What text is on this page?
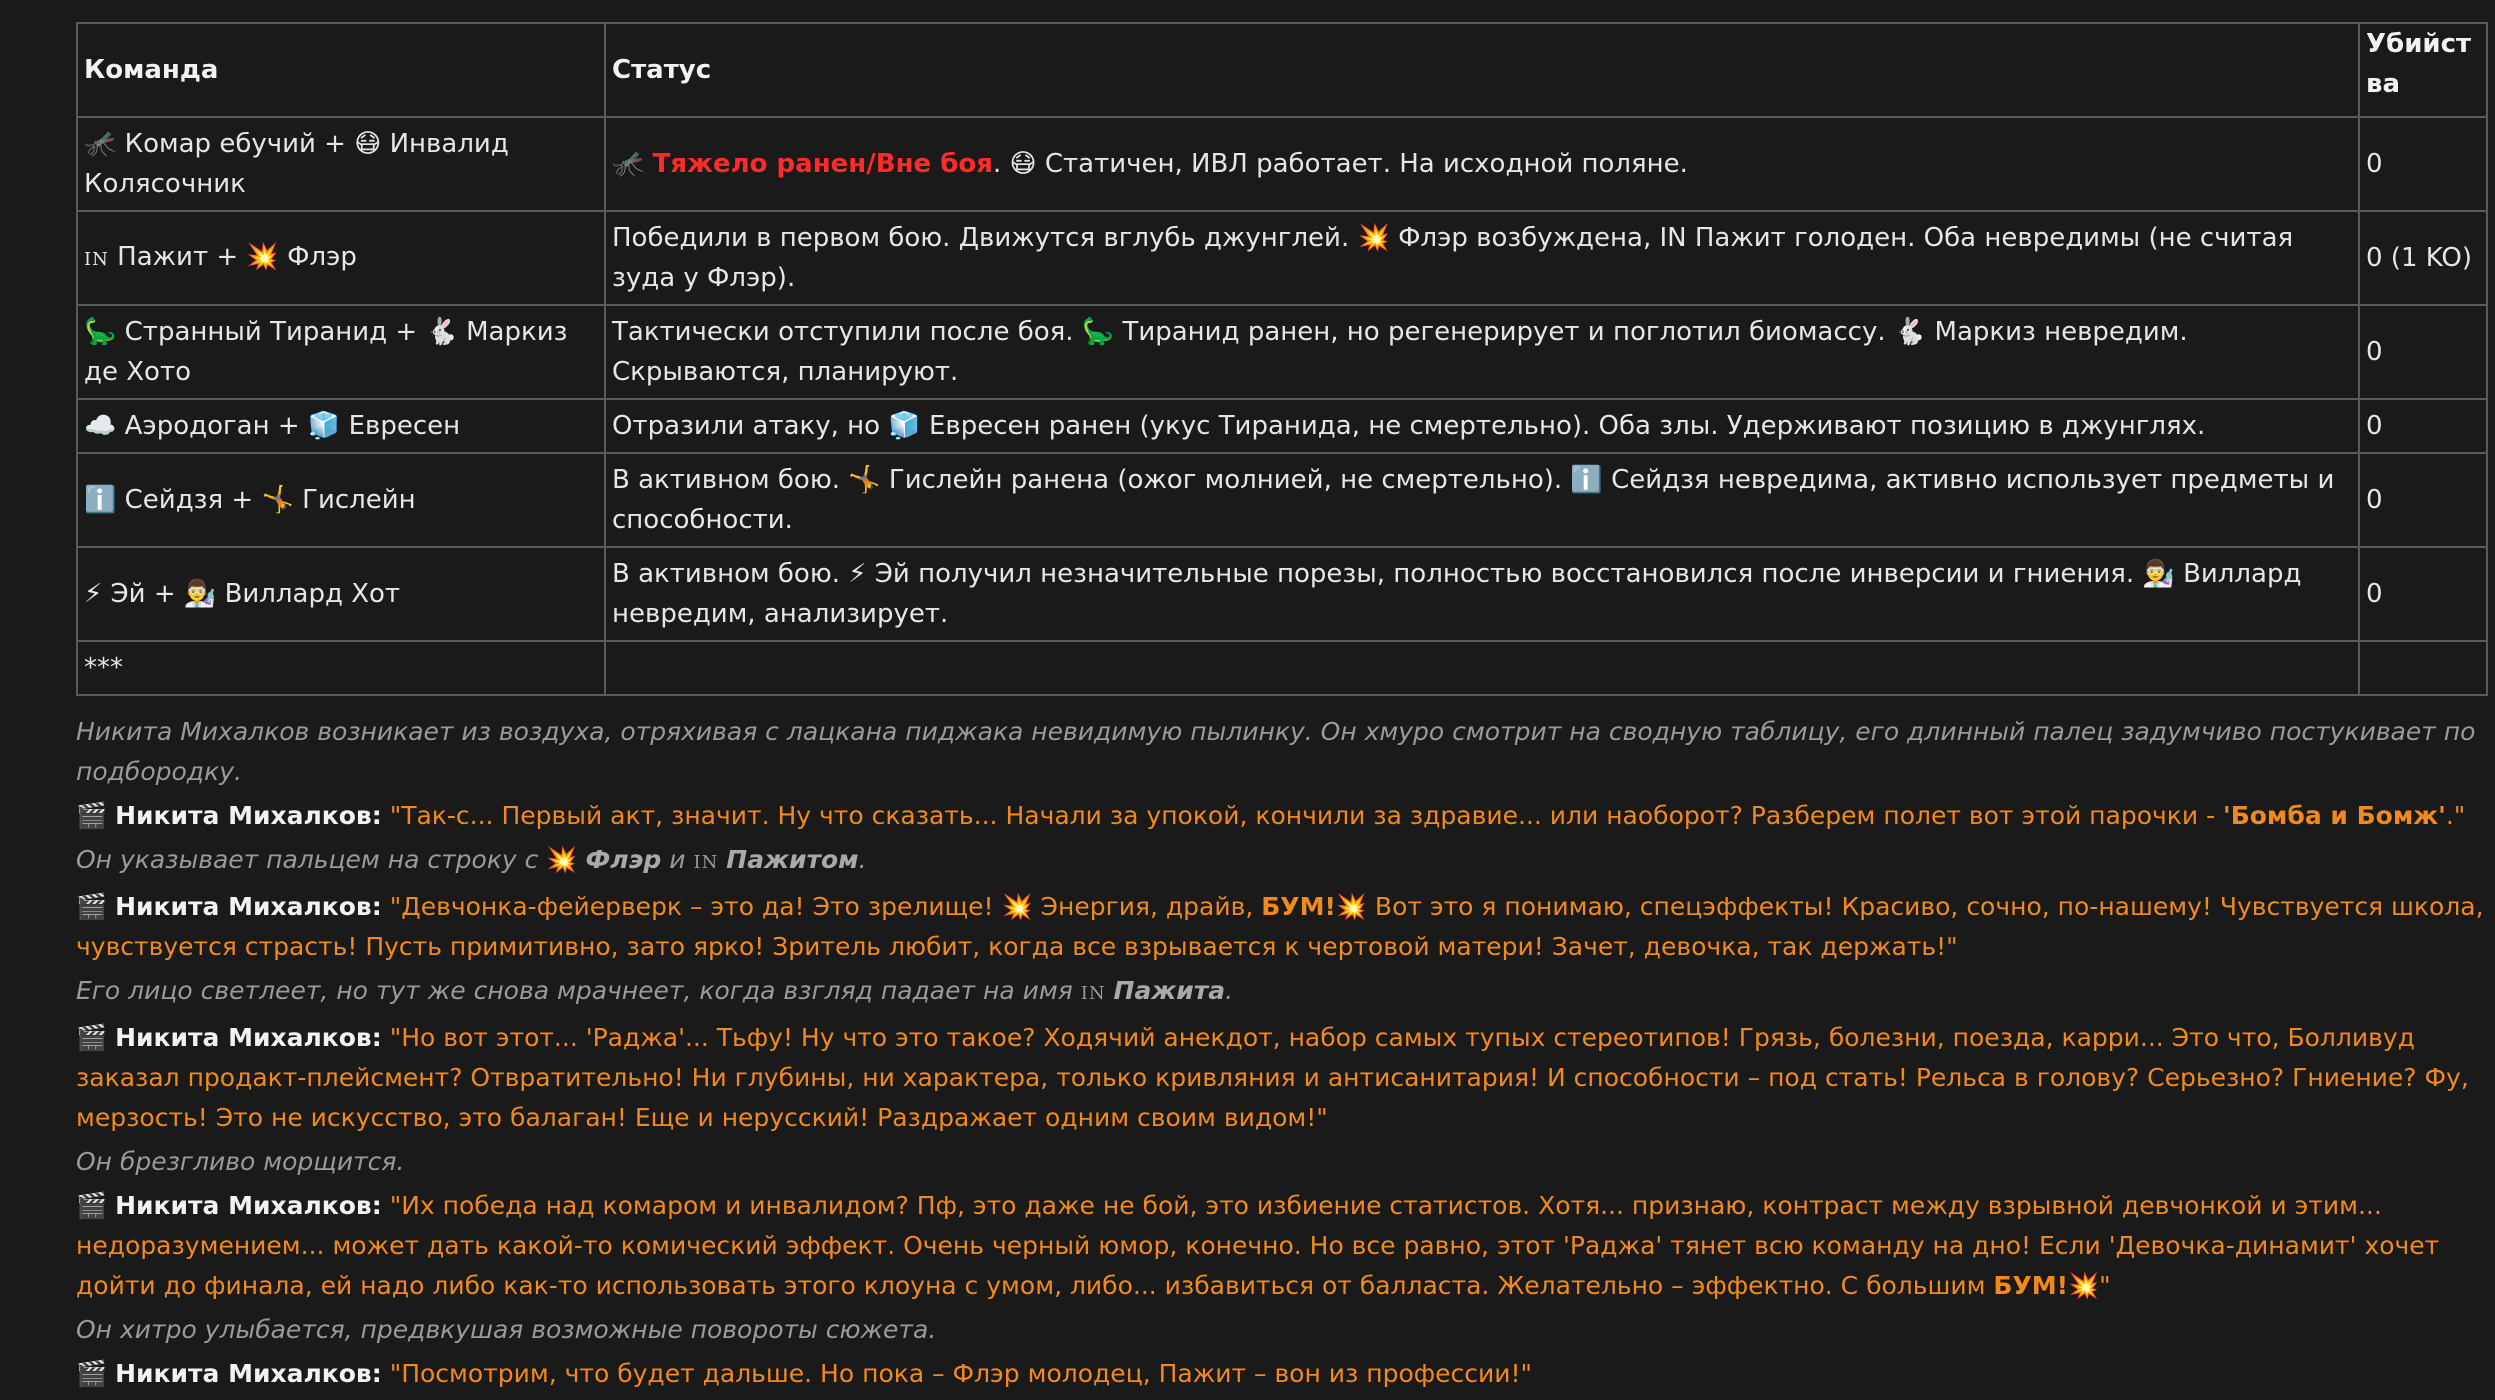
Команда	Статус	Убийства
🦟 Комар ебучий + 😷 Инвалид Колясочник	🦟 Тяжело ранен/Вне боя. 😷 Статичен, ИВЛ работает. На исходной поляне.	0
IN Пажит + 💥 Флэр	Победили в первом бою. Движутся вглубь джунглей. 💥 Флэр возбуждена, IN Пажит голоден. Оба невредимы (не считая зуда у Флэр).	0 (1 KO)
🦕 Странный Тиранид + 🐇 Маркиз де Хото	Тактически отступили после боя. 🦕 Тиранид ранен, но регенерирует и поглотил биомассу. 🐇 Маркиз невредим. Скрываются, планируют.	0
☁️ Аэродоган + 🧊 Евресен	Отразили атаку, но 🧊 Евресен ранен (укус Тиранида, не смертельно). Оба злы. Удерживают позицию в джунглях.	0
ℹ️ Сейдзя + 🤸 Гислейн	В активном бою. 🤸 Гислейн ранена (ожог молнией, не смертельно). ℹ️ Сейдзя невредима, активно использует предметы и способности.	0
⚡ Эй + 👨‍🔬 Виллард Хот	В активном бою. ⚡ Эй получил незначительные порезы, полностью восстановился после инверсии и гниения. 👨‍🔬 Виллард невредим, анализирует.	0
***		

Никита Михалков возникает из воздуха, отряхивая с лацкана пиджака невидимую пылинку. Он хмуро смотрит на сводную таблицу, его длинный палец задумчиво постукивает по подбородку.

🎬 Никита Михалков: "Так-с... Первый акт, значит. Ну что сказать... Начали за упокой, кончили за здравие... или наоборот? Разберем полет вот этой парочки - 'Бомба и Бомж'."

Он указывает пальцем на строку с 💥 Флэр и IN Пажитом.

🎬 Никита Михалков: "Девчонка-фейерверк – это да! Это зрелище! 💥 Энергия, драйв, БУМ!💥 Вот это я понимаю, спецэффекты! Красиво, сочно, по-нашему! Чувствуется школа, чувствуется страсть! Пусть примитивно, зато ярко! Зритель любит, когда все взрывается к чертовой матери! Зачет, девочка, так держать!"

Его лицо светлеет, но тут же снова мрачнеет, когда взгляд падает на имя IN Пажита.

🎬 Никита Михалков: "Но вот этот... 'Раджа'... Тьфу! Ну что это такое? Ходячий анекдот, набор самых тупых стереотипов! Грязь, болезни, поезда, карри... Это что, Болливуд заказал продакт-плейсмент? Отвратительно! Ни глубины, ни характера, только кривляния и антисанитария! И способности – под стать! Рельса в голову? Серьезно? Гниение? Фу, мерзость! Это не искусство, это балаган! Еще и нерусский! Раздражает одним своим видом!"

Он брезгливо морщится.

🎬 Никита Михалков: "Их победа над комаром и инвалидом? Пф, это даже не бой, это избиение статистов. Хотя... признаю, контраст между взрывной девчонкой и этим... недоразумением... может дать какой-то комический эффект. Очень черный юмор, конечно. Но все равно, этот 'Раджа' тянет всю команду на дно! Если 'Девочка-динамит' хочет дойти до финала, ей надо либо как-то использовать этого клоуна с умом, либо... избавиться от балласта. Желательно – эффектно. С большим БУМ!💥"

Он хитро улыбается, предвкушая возможные повороты сюжета.

🎬 Никита Михалков: "Посмотрим, что будет дальше. Но пока – Флэр молодец, Пажит – вон из профессии!"
